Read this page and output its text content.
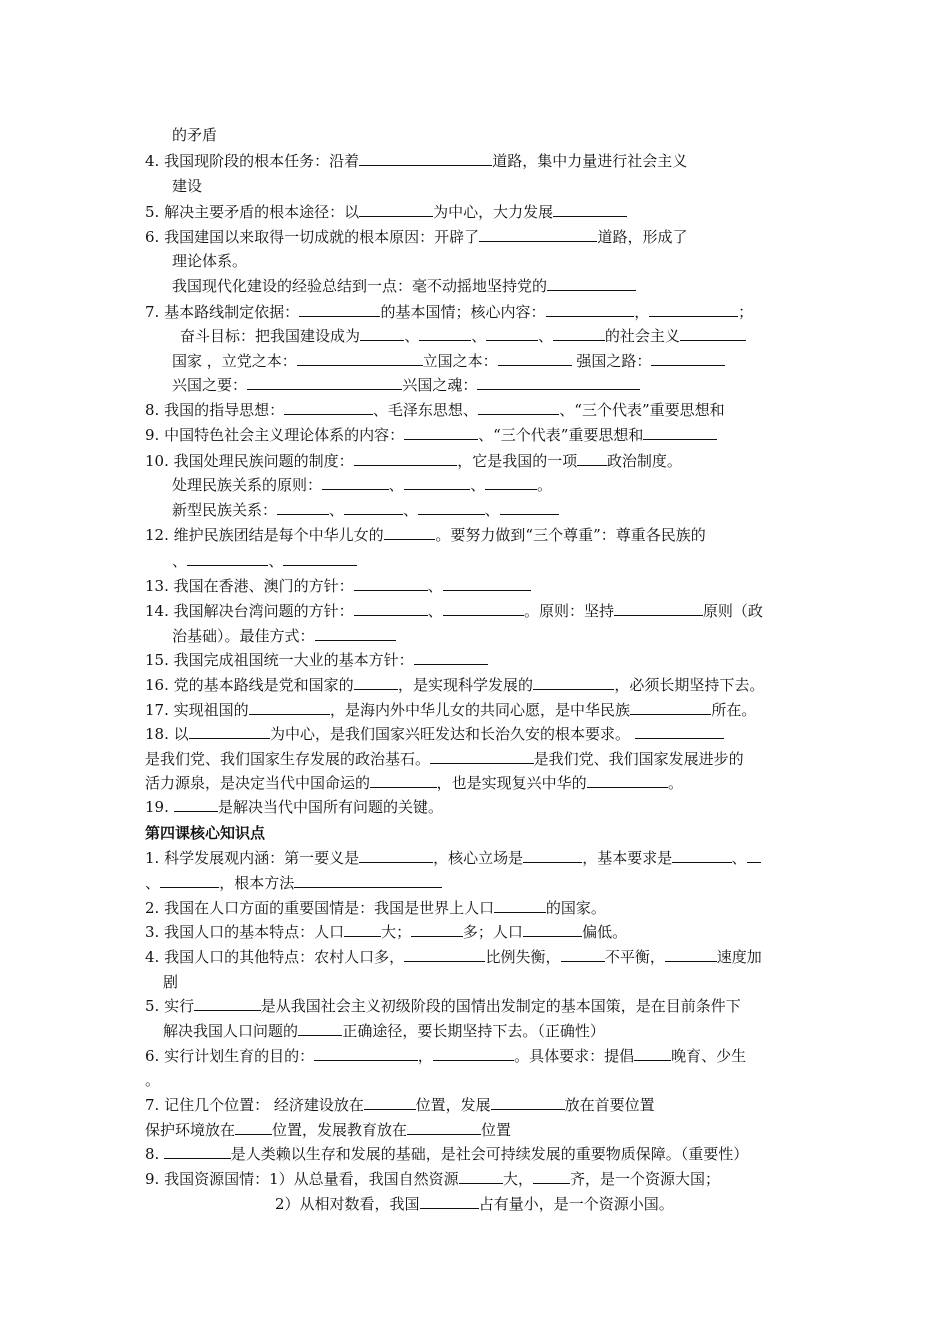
的矛盾
4. 我国现阶段的根本任务：沿着	道路，集中力量进行社会主义
建设
5. 解决主要矛盾的根本途径：以	为中心，大力发展
6. 我国建国以来取得一切成就的根本原因：开辟了	道路，形成了
理论体系。
我国现代化建设的经验总结到一点：毫不动摇地坚持党的
7. 基本路线制定依据：	的基本国情；核心内容：	，	；
奋斗目标：把我国建设成为	、	、	、	的社会主义
国家 ，立党之本：	立国之本：	强国之路：
兴国之要：	兴国之魂：
8. 我国的指导思想：	、毛泽东思想、	、“三个代表”重要思想和
9. 中国特色社会主义理论体系的内容：	、“三个代表”重要思想和
10. 我国处理民族问题的制度：	，它是我国的一项 政治制度。
处理民族关系的原则：	、	、	。
新型民族关系：	、	、	、
12. 维护民族团结是每个中华儿女的	。要努力做到“三个尊重”：尊重各民族的
、	、
13. 我国在香港、澳门的方针：	、
14. 我国解决台湾问题的方针：	、	。原则：坚持	原则（政
治基础）。最佳方式：
15. 我国完成祖国统一大业的基本方针：
16. 党的基本路线是党和国家的	，是实现科学发展的	，必须长期坚持下去。
17. 实现祖国的	，是海内外中华儿女的共同心愿，是中华民族	所在。
18. 以	为中心，是我们国家兴旺发达和长治久安的根本要求。
是我们党、我们国家生存发展的政治基石。	是我们党、我们国家发展进步的
活力源泉，是决定当代中国命运的	，也是实现复兴中华的	。
19.	是解决当代中国所有问题的关键。
第四课核心知识点
1. 科学发展观内涵：第一要义是	，核心立场是	，基本要求是	、
、	，根本方法
2. 我国在人口方面的重要国情是：我国是世界上人口	的国家。
3. 我国人口的基本特点：人口 大；	多；人口	偏低。
4. 我国人口的其他特点：农村人口多，	比例失衡，	不平衡，	速度加
剧
5. 实行	是从我国社会主义初级阶段的国情出发制定的基本国策，是在目前条件下
解决我国人口问题的	正确途径，要长期坚持下去。（正确性）
6. 实行计划生育的目的：	，	。具体要求：提倡 晚育、少生
。
7. 记住几个位置： 经济建设放在	位置，发展	放在首要位置
保护环境放在 位置，发展教育放在	位置
8.	是人类赖以生存和发展的基础，是社会可持续发展的重要物质保障。（重要性）
9. 我国资源国情：1）从总量看，我国自然资源	大， 齐，是一个资源大国；
2）从相对数看，我国	占有量小，是一个资源小国。
